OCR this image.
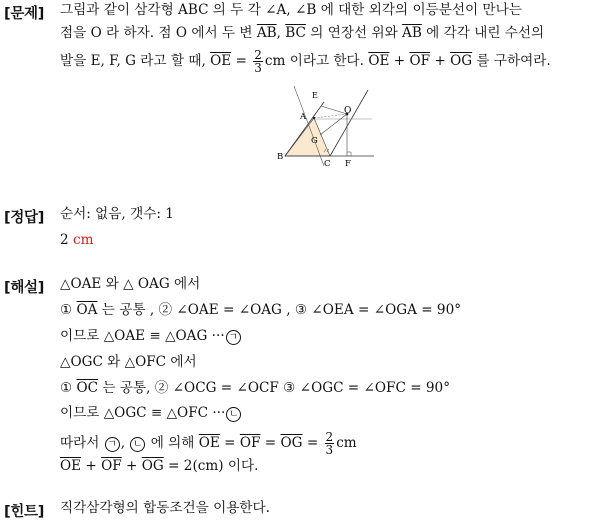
[문제] 그림과 같이 삼각형 ABC 의 두 각 ∠A, ∠B 에 대한 외각의 이등분선이 만나는
점을 O 라 하자. 점 O 에서 두 변 $\overline{AB}$, $\overline{BC}$ 의 연장선 위와 $\overline{AB}$ 에 각각 내린 수선의
발을 E, F, G 라고 할 때, $\overline{OE} = \frac{2}{3}$ cm 이라고 한다. $\overline{OE} + \overline{OF} + \overline{OG}$ 를 구하여라.
E
O
A
G
B
C F
[정답] 순서: 없음, 갯수: 1
2 cm
[해설] △OAE 와 △ OAG 에서
① $\overline{OA}$ 는 공통 , ② ∠OAE = ∠OAG , ③ ∠OEA = ∠OGA = 90°
이므로 △OAE ≡ △OAG ··· ㄱ
△OGC 와 △OFC 에서
① $\overline{OC}$ 는 공통, ② ∠OCG = ∠OCF ③ ∠OGC = ∠OFC = 90°
이므로 △OGC ≡ △OFC ··· ㄴ
따라서 ㄱ , ㄴ 에 의해 $\overline{OE} = \overline{OF} = \overline{OG} = \frac{2}{3}$ cm
$\overline{OE} + \overline{OF} + \overline{OG} = 2(cm)$ 이다.
[힌트] 직각삼각형의 합동조건을 이용한다.
